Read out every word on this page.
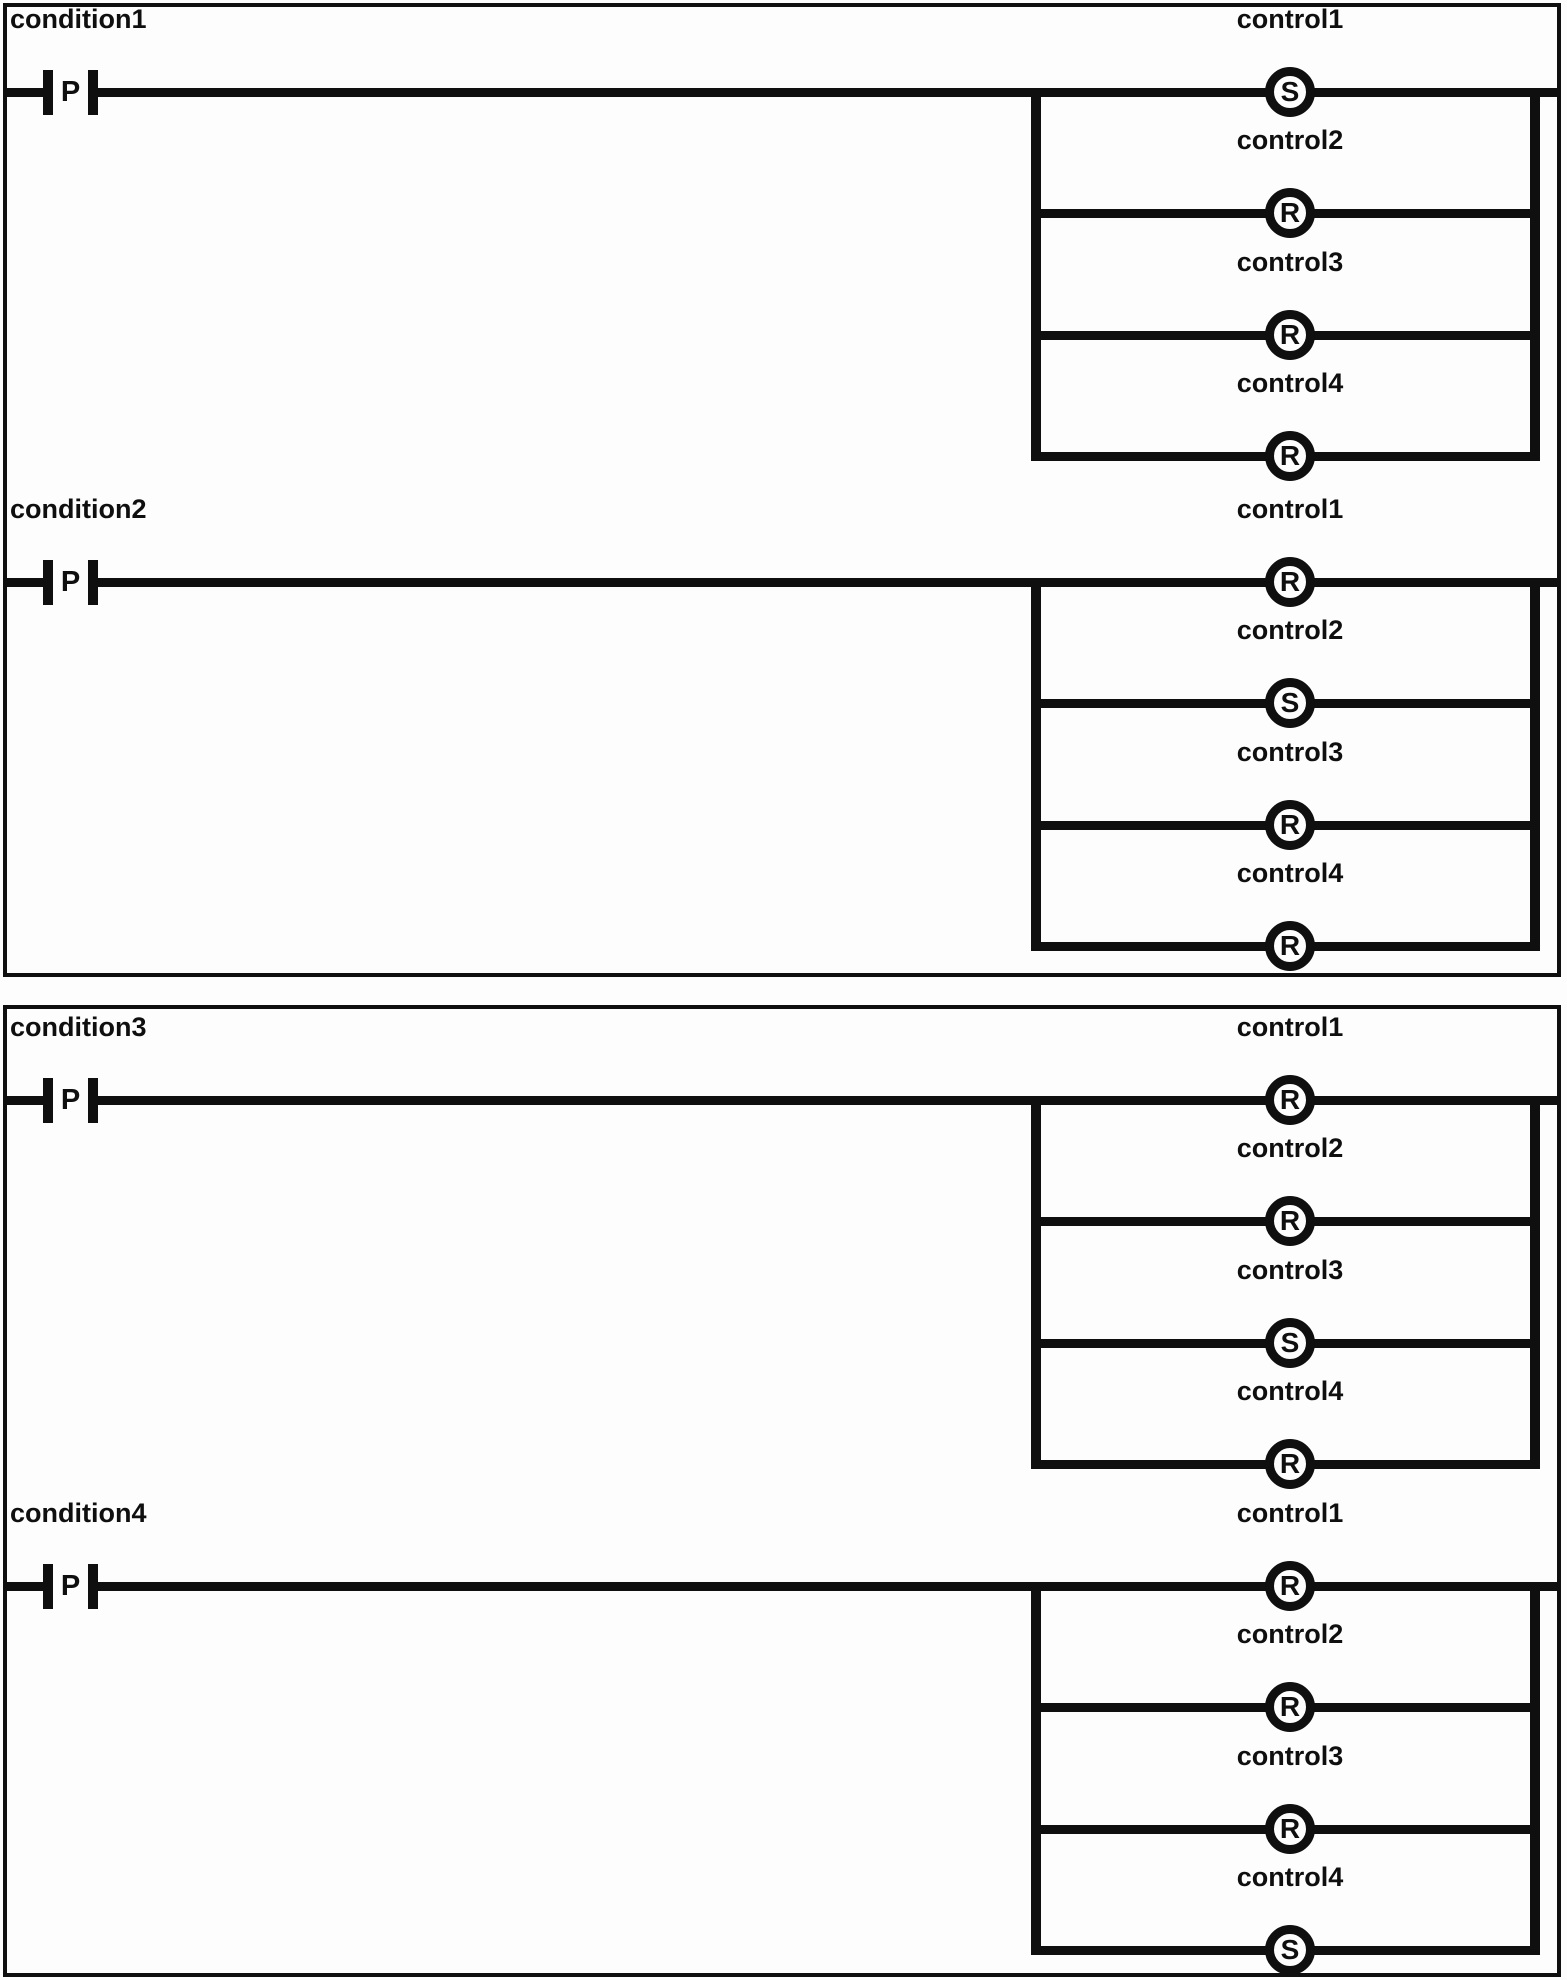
condition1
P
control1
S
control2
R
control3
R
control4
R
condition2
P
control1
R
control2
S
control3
R
control4
R
condition3
P
control1
R
control2
R
control3
S
control4
R
condition4
P
control1
R
control2
R
control3
R
control4
S
